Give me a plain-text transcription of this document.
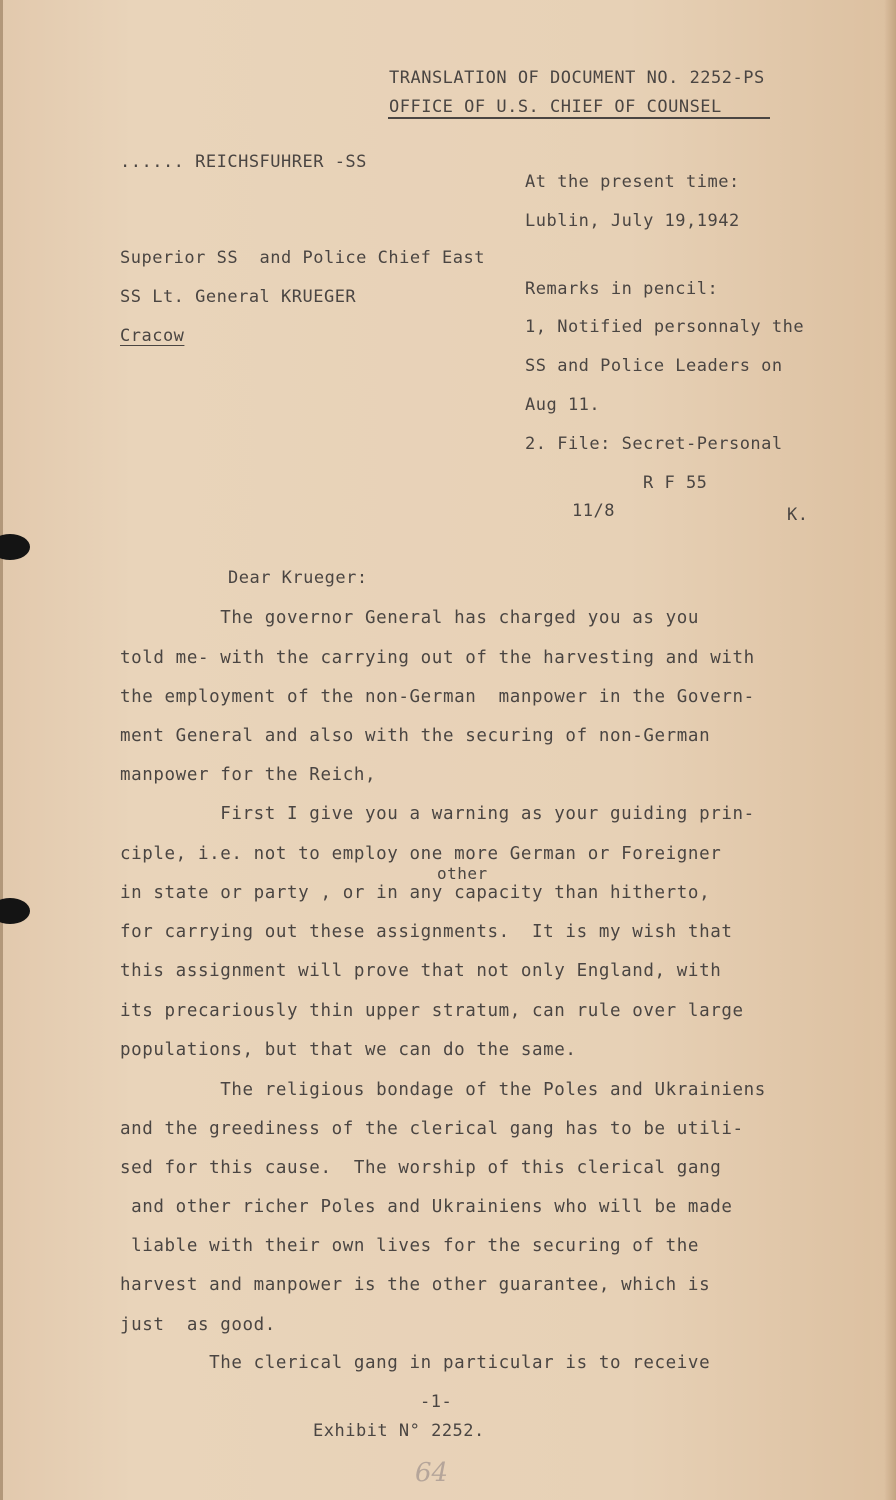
TRANSLATION OF DOCUMENT NO. 2252-PS
OFFICE OF U.S. CHIEF OF COUNSEL
...... REICHSFUHRER -SS
At the present time:
Lublin, July 19,1942
Superior SS  and Police Chief East
SS Lt. General KRUEGER
Cracow
Remarks in pencil:
1, Notified personnaly the
SS and Police Leaders on
Aug 11.
2. File: Secret-Personal
R F 55
11/8	K.
Dear Krueger:
The governor General has charged you as you
told me- with the carrying out of the harvesting and with
the employment of the non-German  manpower in the Govern-
ment General and also with the securing of non-German
manpower for the Reich,
First I give you a warning as your guiding prin-
ciple, i.e. not to employ one more German or Foreigner
other
in state or party , or in any capacity than hitherto,
for carrying out these assignments.  It is my wish that
this assignment will prove that not only England, with
its precariously thin upper stratum, can rule over large
populations, but that we can do the same.
The religious bondage of the Poles and Ukrainiens
and the greediness of the clerical gang has to be utili-
sed for this cause.  The worship of this clerical gang
and other richer Poles and Ukrainiens who will be made
liable with their own lives for the securing of the
harvest and manpower is the other guarantee, which is
just  as good.
The clerical gang in particular is to receive
-1-
Exhibit N° 2252.
64
